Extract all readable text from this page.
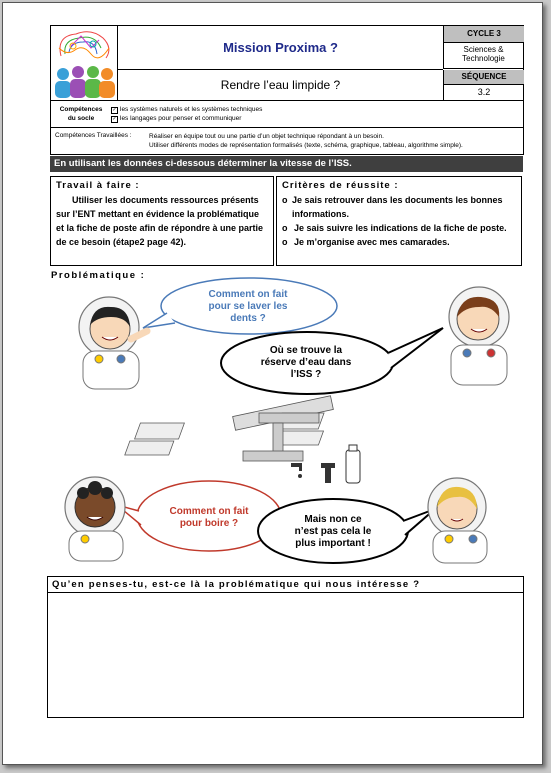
Mission Proxima ?
Rendre l’eau limpide ?
CYCLE 3
Sciences &
Technologie
SÉQUENCE
3.2
Compétences
du socle
✓ les systèmes naturels et les systèmes techniques
✓ les langages pour penser et communiquer
Compétences Travaillées :	Réaliser en équipe tout ou une partie d’un objet technique répondant à un besoin.
Utiliser différents modes de représentation formalisés (texte, schéma, graphique, tableau, algorithme simple).
En utilisant les données ci-dessous déterminer la vitesse de l’ISS.
Travail à faire :
Utiliser les documents ressources présents sur l’ENT mettant en évidence la problématique et la fiche de poste afin de répondre à une partie de ce besoin (étape2 page 42).
Critères de réussite :
o Je sais retrouver dans les documents les bonnes informations.
o Je sais suivre les indications de la fiche de poste.
o Je m’organise avec mes camarades.
Problématique :
Comment on fait
pour se laver les
dents ?
Où se trouve la
réserve d’eau dans
l’ISS ?
Comment on fait
pour boire ?	Mais non ce
n’est pas cela le
plus important !
Qu’en penses-tu, est-ce là la problématique qui nous intéresse ?
